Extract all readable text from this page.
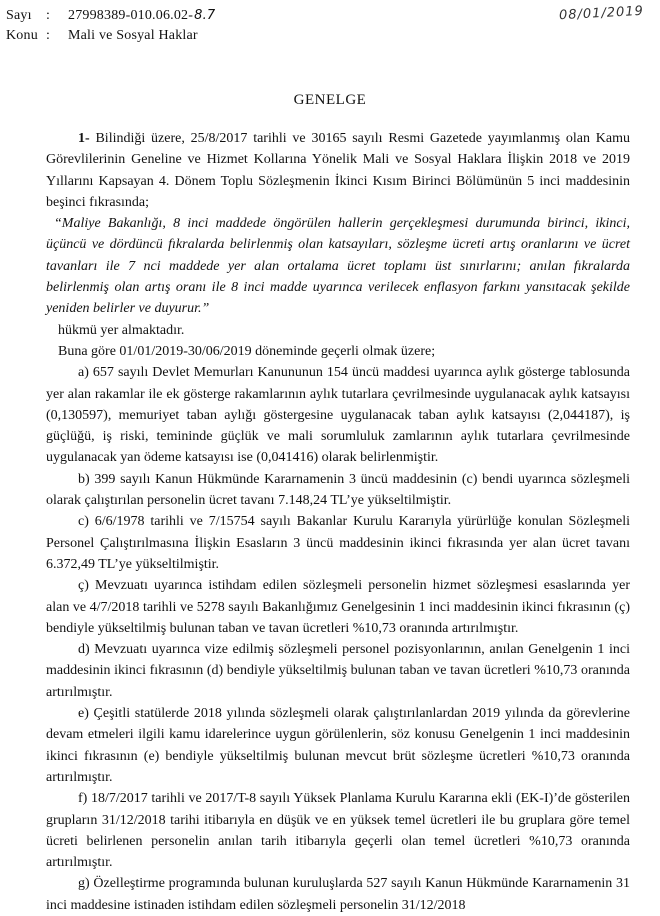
Sayı : 27998389-010.06.02-8.7
Konu : Mali ve Sosyal Haklar
08/01/2019
GENELGE

1- Bilindiği üzere, 25/8/2017 tarihli ve 30165 sayılı Resmi Gazetede yayımlanmış olan Kamu Görevlilerinin Geneline ve Hizmet Kollarına Yönelik Mali ve Sosyal Haklara İlişkin 2018 ve 2019 Yıllarını Kapsayan 4. Dönem Toplu Sözleşmenin İkinci Kısım Birinci Bölümünün 5 inci maddesinin beşinci fıkrasında;

“Maliye Bakanlığı, 8 inci maddede öngörülen hallerin gerçekleşmesi durumunda birinci, ikinci, üçüncü ve dördüncü fıkralarda belirlenmiş olan katsayıları, sözleşme ücreti artış oranlarını ve ücret tavanları ile 7 nci maddede yer alan ortalama ücret toplamı üst sınırlarını; anılan fıkralarda belirlenmiş olan artış oranı ile 8 inci madde uyarınca verilecek enflasyon farkını yansıtacak şekilde yeniden belirler ve duyurur.”

hükmü yer almaktadır.

Buna göre 01/01/2019-30/06/2019 döneminde geçerli olmak üzere;

a) 657 sayılı Devlet Memurları Kanununun 154 üncü maddesi uyarınca aylık gösterge tablosunda yer alan rakamlar ile ek gösterge rakamlarının aylık tutarlara çevrilmesinde uygulanacak aylık katsayısı (0,130597), memuriyet taban aylığı göstergesine uygulanacak taban aylık katsayısı (2,044187), iş güçlüğü, iş riski, temininde güçlük ve mali sorumluluk zamlarının aylık tutarlara çevrilmesinde uygulanacak yan ödeme katsayısı ise (0,041416) olarak belirlenmiştir.

b) 399 sayılı Kanun Hükmünde Kararnamenin 3 üncü maddesinin (c) bendi uyarınca sözleşmeli olarak çalıştırılan personelin ücret tavanı 7.148,24 TL’ye yükseltilmiştir.

c) 6/6/1978 tarihli ve 7/15754 sayılı Bakanlar Kurulu Kararıyla yürürlüğe konulan Sözleşmeli Personel Çalıştırılmasına İlişkin Esasların 3 üncü maddesinin ikinci fıkrasında yer alan ücret tavanı 6.372,49 TL’ye yükseltilmiştir.

ç) Mevzuatı uyarınca istihdam edilen sözleşmeli personelin hizmet sözleşmesi esaslarında yer alan ve 4/7/2018 tarihli ve 5278 sayılı Bakanlığımız Genelgesinin 1 inci maddesinin ikinci fıkrasının (ç) bendiyle yükseltilmiş bulunan taban ve tavan ücretleri %10,73 oranında artırılmıştır.

d) Mevzuatı uyarınca vize edilmiş sözleşmeli personel pozisyonlarının, anılan Genelgenin 1 inci maddesinin ikinci fıkrasının (d) bendiyle yükseltilmiş bulunan taban ve tavan ücretleri %10,73 oranında artırılmıştır.

e) Çeşitli statülerde 2018 yılında sözleşmeli olarak çalıştırılanlardan 2019 yılında da görevlerine devam etmeleri ilgili kamu idarelerince uygun görülenlerin, söz konusu Genelgenin 1 inci maddesinin ikinci fıkrasının (e) bendiyle yükseltilmiş bulunan mevcut brüt sözleşme ücretleri %10,73 oranında artırılmıştır.

f) 18/7/2017 tarihli ve 2017/T-8 sayılı Yüksek Planlama Kurulu Kararına ekli (EK-I)’de gösterilen grupların 31/12/2018 tarihi itibarıyla en düşük ve en yüksek temel ücretleri ile bu gruplara göre temel ücreti belirlenen personelin anılan tarih itibarıyla geçerli olan temel ücretleri %10,73 oranında artırılmıştır.

g) Özelleştirme programında bulunan kuruluşlarda 527 sayılı Kanun Hükmünde Kararnamenin 31 inci maddesine istinaden istihdam edilen sözleşmeli personelin 31/12/2018
